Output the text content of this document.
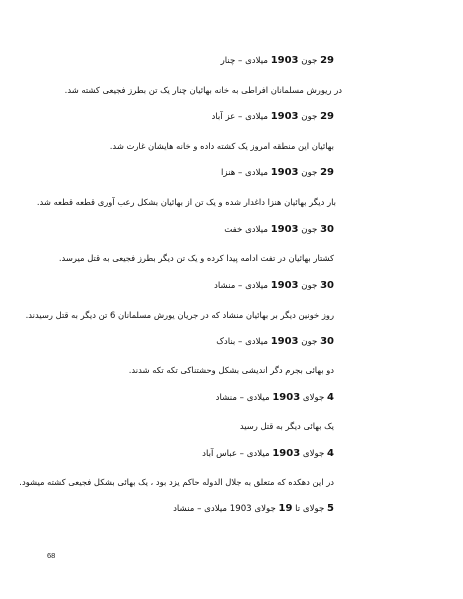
29 جون 1903 میلادی – چنار
در ریورش مسلمانان افراطی به خانه بهائیان چنار یک تن بطرز فجیعی کشته شد.
29 جون 1903 میلادی – عز آباد
بهائیان این منطقه امروز یک کشته داده و خانه هایشان غارت شد.
29 جون 1903 میلادی – هنزا
بار دیگر بهائیان هنزا داغدار شده و یک تن از بهائیان بشکل رعب آوری قطعه قطعه شد.
30 جون 1903 میلادی خفت
کشتار بهائیان در تفت ادامه پیدا کرده و یک تن دیگر بطرز فجیعی به قتل میرسد.
30 جون 1903 میلادی – منشاد
روز خونین دیگر بر بهائیان منشاد که در جریان یورش مسلمانان 6 تن دیگر به قتل رسیدند.
30 جون 1903 میلادی – بنادک
دو بهائی بجرم دگر اندیشی بشکل وحشتناکی تکه تکه شدند.
4 جولای 1903 میلادی – منشاد
یک بهائی دیگر به قتل رسید
4 جولای 1903 میلادی – عباس آباد
در این دهکده که متعلق به جلال الدوله حاکم یزد بود ، یک بهائی بشکل فجیعی کشته میشود.
5 جولای تا 19 جولای 1903 میلادی – منشاد
68
